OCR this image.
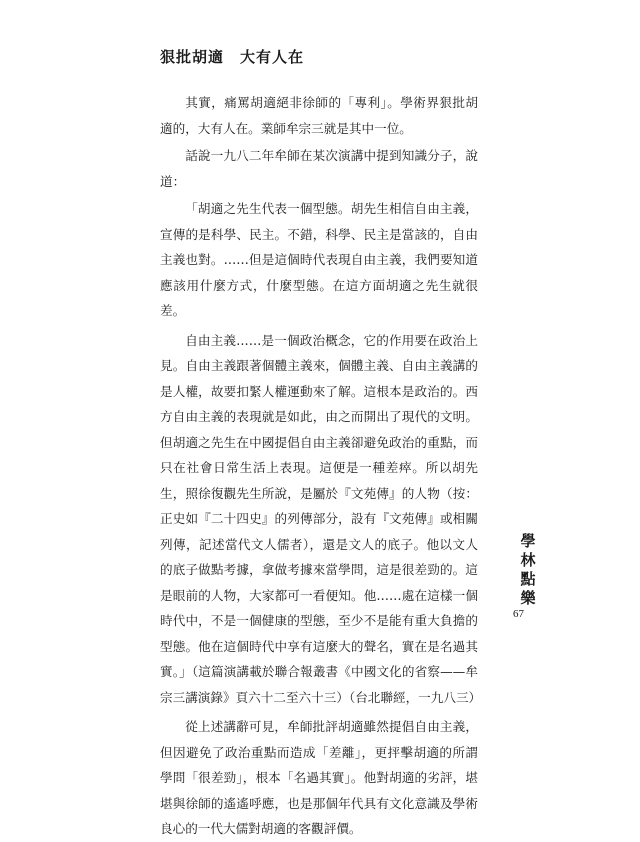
狠批胡適　大有人在

其實，痛罵胡適絕非徐師的「專利」。學術界狠批胡適的，大有人在。業師牟宗三就是其中一位。

話說一九八二年牟師在某次演講中提到知識分子，說道：

「胡適之先生代表一個型態。胡先生相信自由主義，宣傳的是科學、民主。不錯，科學、民主是當該的，自由主義也對。……但是這個時代表現自由主義，我們要知道應該用什麼方式，什麼型態。在這方面胡適之先生就很差。

自由主義……是一個政治概念，它的作用要在政治上見。自由主義跟著個體主義來，個體主義、自由主義講的是人權，故要扣緊人權運動來了解。這根本是政治的。西方自由主義的表現就是如此，由之而開出了現代的文明。但胡適之先生在中國提倡自由主義卻避免政治的重點，而只在社會日常生活上表現。這便是一種差瘁。所以胡先生，照徐復觀先生所說，是屬於『文苑傳』的人物（按：正史如『二十四史』的列傳部分，設有『文苑傳』或相關列傳，記述當代文人儒者），還是文人的底子。他以文人的底子做點考據，拿做考據來當學問，這是很差勁的。這是眼前的人物，大家都可一看便知。他……處在這樣一個時代中，不是一個健康的型態，至少不是能有重大負擔的型態。他在這個時代中享有這麼大的聲名，實在是名過其實。」（這篇演講載於聯合報叢書《中國文化的省察——牟宗三講演錄》頁六十二至六十三）（台北聯經，一九八三）

從上述講辭可見，牟師批評胡適雖然提倡自由主義，但因避免了政治重點而造成「差離」，更抨擊胡適的所謂學問「很差勁」，根本「名過其實」。他對胡適的劣評，堪堪與徐師的遙遙呼應，也是那個年代具有文化意識及學術良心的一代大儒對胡適的客觀評價。

學
林
點
樂
67
